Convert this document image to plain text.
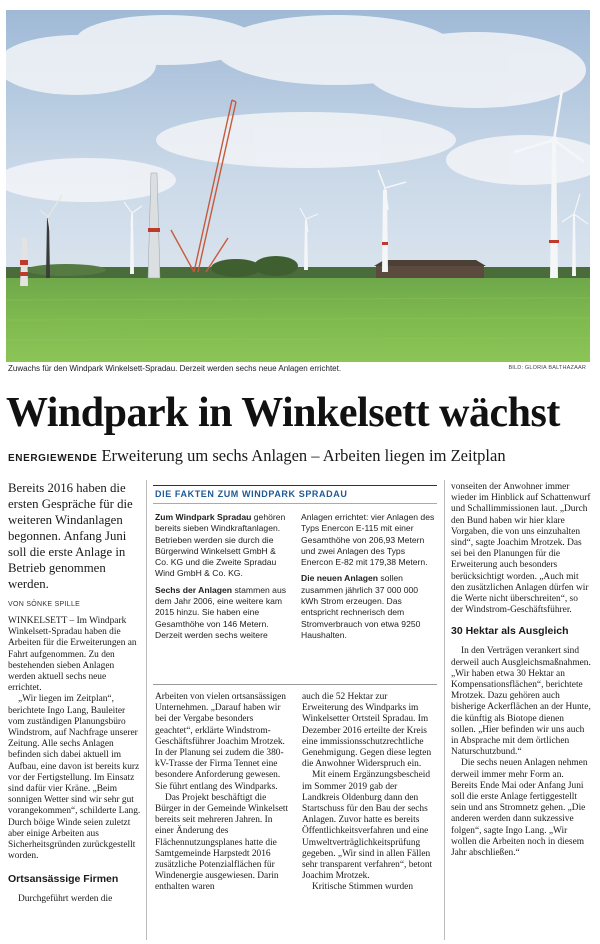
Zuwachs für den Windpark Winkelsett-Spradau. Derzeit werden sechs neue Anlagen errichtet.	BILD: GLORIA BALTHAZAAR
Windpark in Winkelsett wächst
ENERGIEWENDE Erweiterung um sechs Anlagen – Arbeiten liegen im Zeitplan
Bereits 2016 haben die ersten Gespräche für die weiteren Windanlagen begonnen. Anfang Juni soll die erste Anlage in Betrieb genommen werden.
VON SÖNKE SPILLE

WINKELSETT – Im Windpark Winkelsett-Spradau haben die Arbeiten für die Erweiterungen an Fahrt aufgenommen. Zu den bestehenden sieben Anlagen werden aktuell sechs neue errichtet.

„Wir liegen im Zeitplan“, berichtete Ingo Lang, Bauleiter vom zuständigen Planungsbüro Windstrom, auf Nachfrage unserer Zeitung. Alle sechs Anlagen befinden sich dabei aktuell im Aufbau, eine davon ist bereits kurz vor der Fertigstellung. Im Einsatz sind dafür vier Kräne. „Beim sonnigen Wetter sind wir sehr gut vorangekommen“, schilderte Lang. Durch böige Winde seien zuletzt aber einige Arbeiten aus Sicherheitsgründen zurückgestellt worden.

Ortsansässige Firmen

Durchgeführt werden die

DIE FAKTEN ZUM WINDPARK SPRADAU

Zum Windpark Spradau gehören bereits sieben Windkraftanlagen. Betrieben werden sie durch die Bürgerwind Winkelsett GmbH & Co. KG und die Zweite Spradau Wind GmbH & Co. KG.

Sechs der Anlagen stammen aus dem Jahr 2006, eine weitere kam 2015 hinzu. Sie haben eine Gesamthöhe von 146 Metern. Derzeit werden sechs weitere

Anlagen errichtet: vier Anlagen des Typs Enercon E-115 mit einer Gesamthöhe von 206,93 Metern und zwei Anlagen des Typs Enercon E-82 mit 179,38 Metern.

Die neuen Anlagen sollen zusammen jährlich 37 000 000 kWh Strom erzeugen. Das entspricht rechnerisch dem Stromverbrauch von etwa 9250 Haushalten.

Arbeiten von vielen ortsansässigen Unternehmen. „Darauf haben wir bei der Vergabe besonders geachtet“, erklärte Windstrom-Geschäftsführer Joachim Mrotzek. In der Planung sei zudem die 380-kV-Trasse der Firma Tennet eine besondere Anforderung gewesen. Sie führt entlang des Windparks.

Das Projekt beschäftigt die Bürger in der Gemeinde Winkelsett bereits seit mehreren Jahren. In einer Änderung des Flächennutzungsplanes hatte die Samtgemeinde Harpstedt 2016 zusätzliche Potenzialflächen für Windenergie ausgewiesen. Darin enthalten waren

auch die 52 Hektar zur Erweiterung des Windparks im Winkelsetter Ortsteil Spradau. Im Dezember 2016 erteilte der Kreis eine immissionsschutzrechtliche Genehmigung. Gegen diese legten die Anwohner Widerspruch ein.

Mit einem Ergänzungsbescheid im Sommer 2019 gab der Landkreis Oldenburg dann den Startschuss für den Bau der sechs Anlagen. Zuvor hatte es bereits Öffentlichkeitsverfahren und eine Umweltverträglichkeitsprüfung gegeben. „Wir sind in allen Fällen sehr transparent verfahren“, betont Joachim Mrotzek.

Kritische Stimmen wurden

vonseiten der Anwohner immer wieder im Hinblick auf Schattenwurf und Schallimmissionen laut. „Durch den Bund haben wir hier klare Vorgaben, die von uns einzuhalten sind“, sagte Joachim Mrotzek. Das sei bei den Planungen für die Erweiterung auch besonders berücksichtigt worden. „Auch mit den zusätzlichen Anlagen dürfen wir die Werte nicht überschreiten“, so der Windstrom-Geschäftsführer.

30 Hektar als Ausgleich

In den Verträgen verankert sind derweil auch Ausgleichsmaßnahmen. „Wir haben etwa 30 Hektar an Kompensationsflächen“, berichtete Mrotzek. Dazu gehören auch bisherige Ackerflächen an der Hunte, die künftig als Biotope dienen sollen. „Hier befinden wir uns auch in Absprache mit dem örtlichen Naturschutzbund.“

Die sechs neuen Anlagen nehmen derweil immer mehr Form an. Bereits Ende Mai oder Anfang Juni soll die erste Anlage fertiggestellt sein und ans Stromnetz gehen. „Die anderen werden dann sukzessive folgen“, sagte Ingo Lang. „Wir wollen die Arbeiten noch in diesem Jahr abschließen.“
